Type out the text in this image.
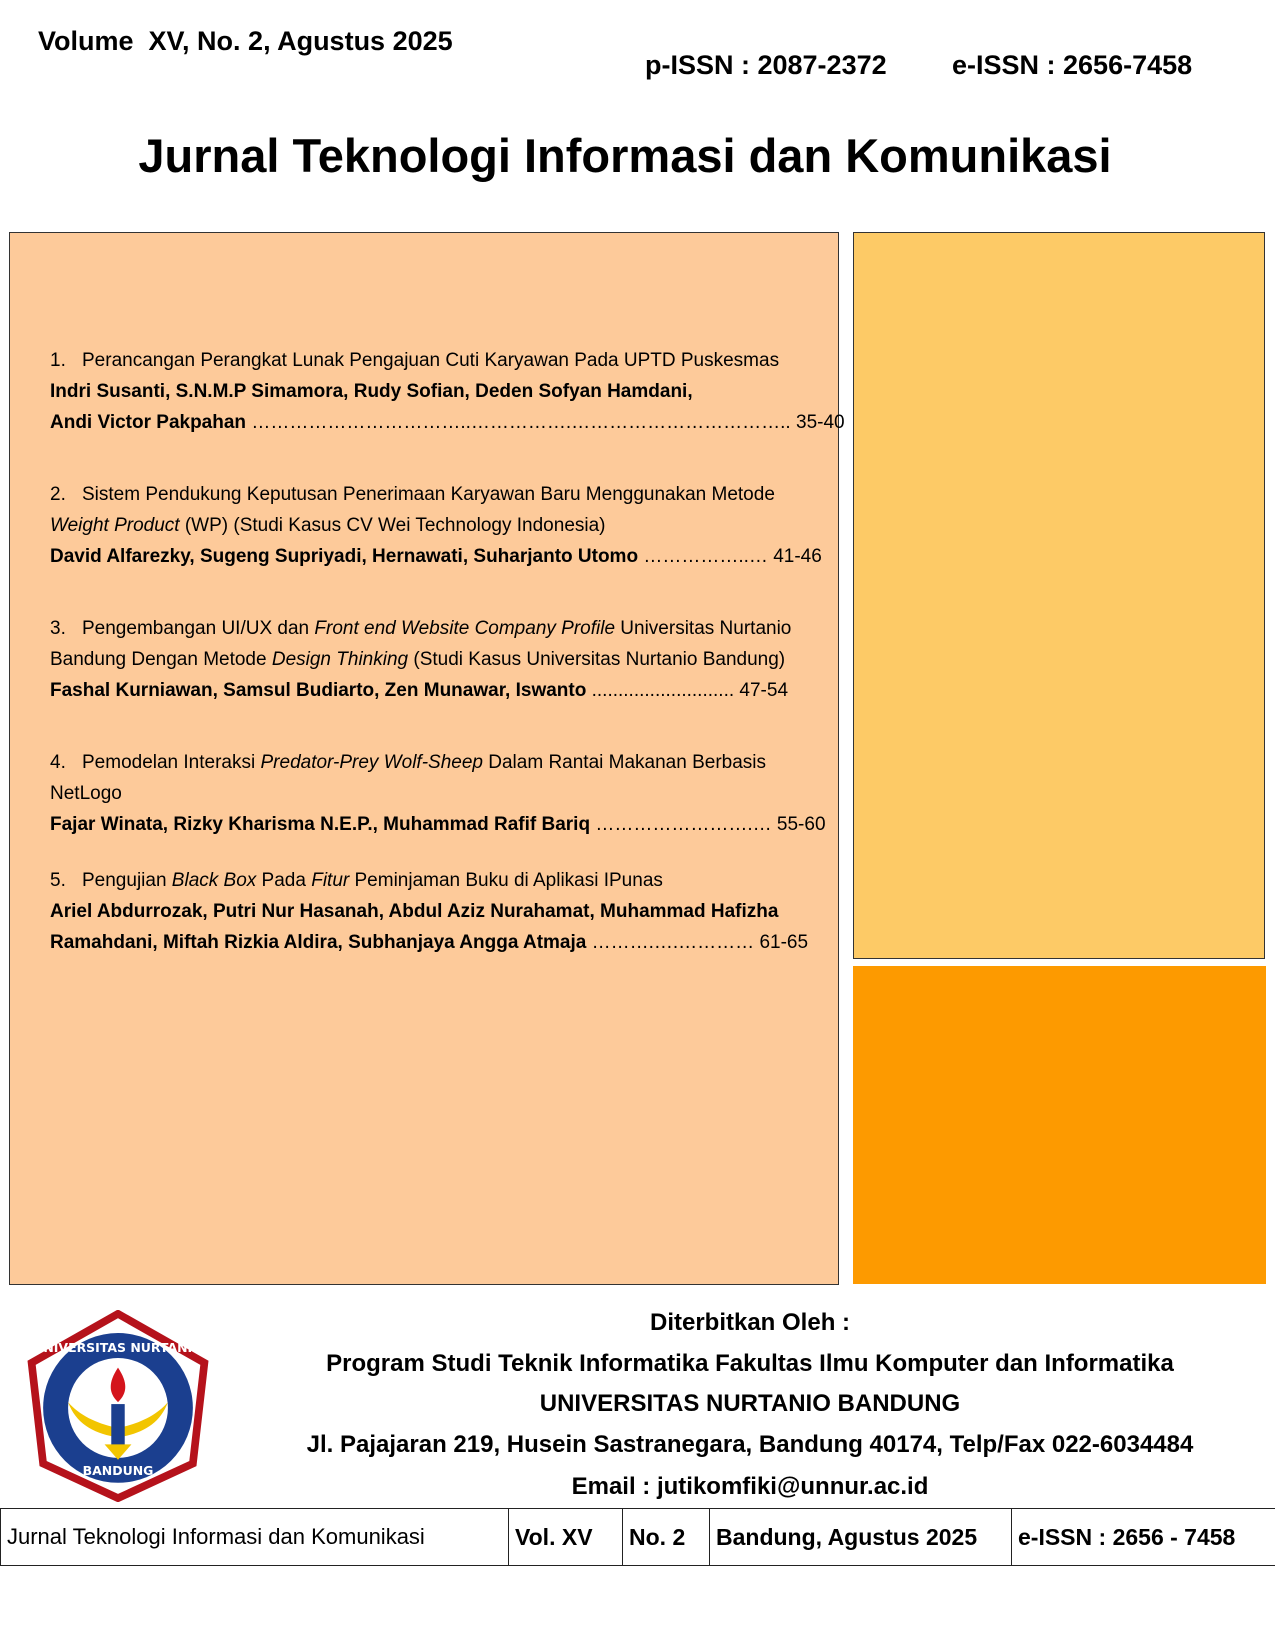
Volume  XV, No. 2, Agustus 2025
p-ISSN : 2087-2372 e-ISSN : 2656-7458
Jurnal Teknologi Informasi dan Komunikasi
1. Perancangan Perangkat Lunak Pengajuan Cuti Karyawan Pada UPTD Puskesmas
Indri Susanti, S.N.M.P Simamora, Rudy Sofian, Deden Sofyan Hamdani,
Andi Victor Pakpahan ……………………………..…………….…………………………….. 35-40
2. Sistem Pendukung Keputusan Penerimaan Karyawan Baru Menggunakan Metode
Weight Product (WP) (Studi Kasus CV Wei Technology Indonesia)
David Alfarezky, Sugeng Supriyadi, Hernawati, Suharjanto Utomo ……………..… 41-46
3. Pengembangan UI/UX dan Front end Website Company Profile Universitas Nurtanio
Bandung Dengan Metode Design Thinking (Studi Kasus Universitas Nurtanio Bandung)
Fashal Kurniawan, Samsul Budiarto, Zen Munawar, Iswanto ........................... 47-54
4. Pemodelan Interaksi Predator-Prey Wolf-Sheep Dalam Rantai Makanan Berbasis
NetLogo
Fajar Winata, Rizky Kharisma N.E.P., Muhammad Rafif Bariq …………………….… 55-60
5. Pengujian Black Box Pada Fitur Peminjaman Buku di Aplikasi IPunas
Ariel Abdurrozak, Putri Nur Hasanah, Abdul Aziz Nurahamat, Muhammad Hafizha
Ramahdani, Miftah Rizkia Aldira, Subhanjaya Angga Atmaja ……….….………… 61-65
UNIVERSITAS NURTANIO
BANDUNG
Diterbitkan Oleh :
Program Studi Teknik Informatika Fakultas Ilmu Komputer dan Informatika
UNIVERSITAS NURTANIO BANDUNG
Jl. Pajajaran 219, Husein Sastranegara, Bandung 40174, Telp/Fax 022-6034484
Email : jutikomfiki@unnur.ac.id
Jurnal Teknologi Informasi dan Komunikasi	Vol. XV	No. 2	Bandung, Agustus 2025	e-ISSN : 2656 - 7458
